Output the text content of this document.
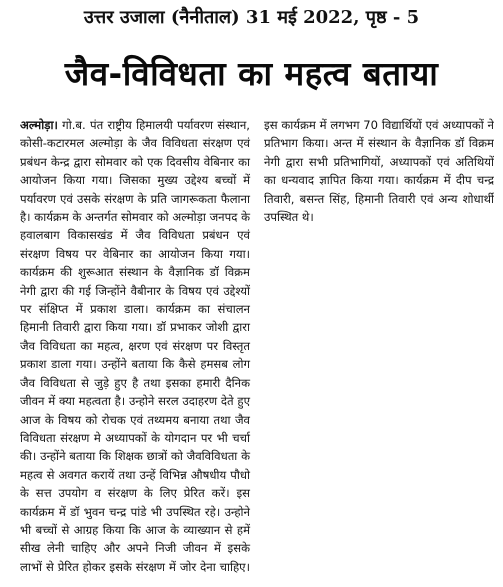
उत्तर उजाला (नैनीताल) 31 मई 2022, पृष्ठ - 5
जैव-विविधता का महत्व बताया

अल्मोड़ा। गो.ब. पंत राष्ट्रीय हिमालयी पर्यावरण संस्थान, कोसी-कटारमल अल्मोड़ा के जैव विविधता संरक्षण एवं प्रबंधन केन्द्र द्वारा सोमवार को एक दिवसीय वेबिनार का आयोजन किया गया। जिसका मुख्य उद्देश्य बच्चों में पर्यावरण एवं उसके संरक्षण के प्रति जागरूकता फैलाना है। कार्यक्रम के अन्तर्गत सोमवार को अल्मोड़ा जनपद के हवालबाग विकासखंड में जैव विविधता प्रबंधन एवं संरक्षण विषय पर वेबिनार का आयोजन किया गया। कार्यक्रम की शुरूआत संस्थान के वैज्ञानिक डॉ विक्रम नेगी द्वारा की गई जिन्होंने वैबीनार के विषय एवं उद्देश्यों पर संक्षिप्त में प्रकाश डाला। कार्यक्रम का संचालन हिमानी तिवारी द्वारा किया गया। डॉ प्रभाकर जोशी द्वारा जैव विविधता का महत्व, क्षरण एवं संरक्षण पर विस्तृत प्रकाश डाला गया। उन्होंने बताया कि कैसे हमसब लोग जैव विविधता से जुड़े हुए है तथा इसका हमारी दैनिक जीवन में क्या महत्वता है। उन्होने सरल उदाहरण देते हुए आज के विषय को रोचक एवं तथ्यमय बनाया तथा जैव विविधता संरक्षण मे अध्यापकों के योगदान पर भी चर्चा की। उन्होंने बताया कि शिक्षक छात्रों को जैवविविधता के महत्व से अवगत करायें तथा उन्हें विभिन्न औषधीय पौधो के सत्त उपयोग व संरक्षण के लिए प्रेरित करें। इस कार्यक्रम में डॉ भुवन चन्द्र पांडे भी उपस्थित रहे। उन्होने भी बच्चों से आग्रह किया कि आज के व्याख्यान से हमें सीख लेनी चाहिए और अपने निजी जीवन में इसके लाभों से प्रेरित होकर इसके संरक्षण में जोर देना चाहिए। इस कार्यक्रम में लगभग 70 विद्यार्थियों एवं अध्यापकों ने प्रतिभाग किया। अन्त में संस्थान के वैज्ञानिक डॉ विक्रम नेगी द्वारा सभी प्रतिभागियों, अध्यापकों एवं अतिथियों का धन्यवाद ज्ञापित किया गया। कार्यक्रम में दीप चन्द्र तिवारी, बसन्त सिंह, हिमानी तिवारी एवं अन्य शोधार्थी उपस्थित थे।
